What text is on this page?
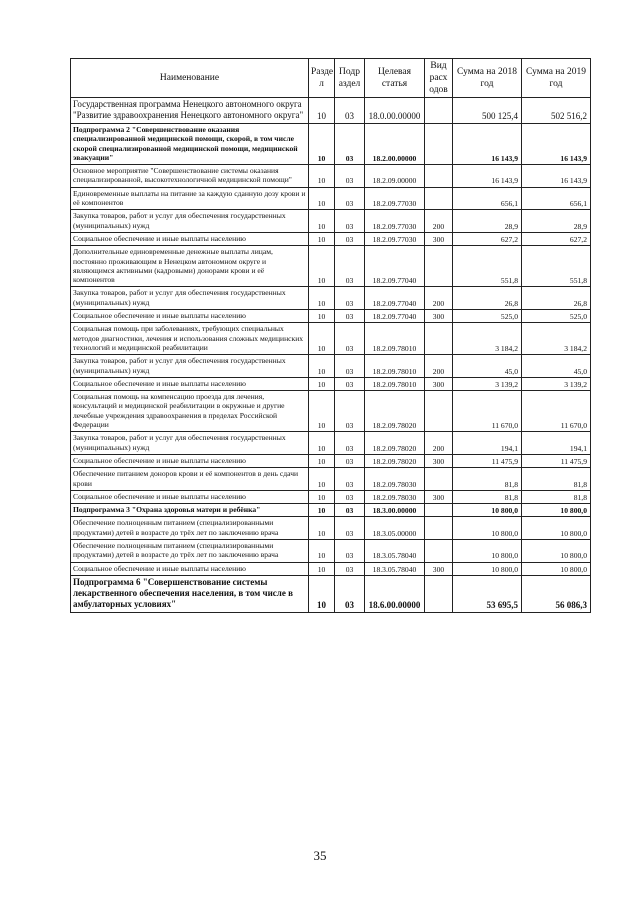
Наименование	Разде л	Подр аздел	Целевая статья	Вид расх одов	Сумма на 2018 год	Сумма на 2019 год
Государственная программа Ненецкого автономного округа "Развитие здравоохранения Ненецкого автономного округа"	10	03	18.0.00.00000		500 125,4	502 516,2
Подпрограмма 2 "Совершенствование оказания специализированной медицинской помощи, скорой, в том числе скорой специализированной медицинской помощи, медицинской эвакуации"	10	03	18.2.00.00000		16 143,9	16 143,9
Основное мероприятие "Совершенствование системы оказания специализированной, высокотехнологичной медицинской помощи"	10	03	18.2.09.00000		16 143,9	16 143,9
Единовременные выплаты на питание за каждую сданную дозу крови и её компонентов	10	03	18.2.09.77030		656,1	656,1
Закупка товаров, работ и услуг для обеспечения государственных (муниципальных) нужд	10	03	18.2.09.77030	200	28,9	28,9
Социальное обеспечение и иные выплаты населению	10	03	18.2.09.77030	300	627,2	627,2
Дополнительные единовременные денежные выплаты лицам, постоянно проживающим в Ненецком автономном округе и являющимся активными (кадровыми) донорами крови и её компонентов	10	03	18.2.09.77040		551,8	551,8
Закупка товаров, работ и услуг для обеспечения государственных (муниципальных) нужд	10	03	18.2.09.77040	200	26,8	26,8
Социальное обеспечение и иные выплаты населению	10	03	18.2.09.77040	300	525,0	525,0
Социальная помощь при заболеваниях, требующих специальных методов диагностики, лечения и использования сложных медицинских технологий и медицинской реабилитации	10	03	18.2.09.78010		3 184,2	3 184,2
Закупка товаров, работ и услуг для обеспечения государственных (муниципальных) нужд	10	03	18.2.09.78010	200	45,0	45,0
Социальное обеспечение и иные выплаты населению	10	03	18.2.09.78010	300	3 139,2	3 139,2
Социальная помощь на компенсацию проезда для лечения, консультаций и медицинской реабилитации в окружные и другие лечебные учреждения здравоохранения в пределах Российской Федерации	10	03	18.2.09.78020		11 670,0	11 670,0
Закупка товаров, работ и услуг для обеспечения государственных (муниципальных) нужд	10	03	18.2.09.78020	200	194,1	194,1
Социальное обеспечение и иные выплаты населению	10	03	18.2.09.78020	300	11 475,9	11 475,9
Обеспечение питанием доноров крови и её компонентов в день сдачи крови	10	03	18.2.09.78030		81,8	81,8
Социальное обеспечение и иные выплаты населению	10	03	18.2.09.78030	300	81,8	81,8
Подпрограмма 3 "Охрана здоровья матери и ребёнка"	10	03	18.3.00.00000		10 800,0	10 800,0
Обеспечение полноценным питанием (специализированными продуктами) детей в возрасте до трёх лет по заключению врача	10	03	18.3.05.00000		10 800,0	10 800,0
Обеспечение полноценным питанием (специализированными продуктами) детей в возрасте до трёх лет по заключению врача	10	03	18.3.05.78040		10 800,0	10 800,0
Социальное обеспечение и иные выплаты населению	10	03	18.3.05.78040	300	10 800,0	10 800,0
Подпрограмма 6 "Совершенствование системы лекарственного обеспечения населения, в том числе в амбулаторных условиях"	10	03	18.6.00.00000		53 695,5	56 086,3
35
